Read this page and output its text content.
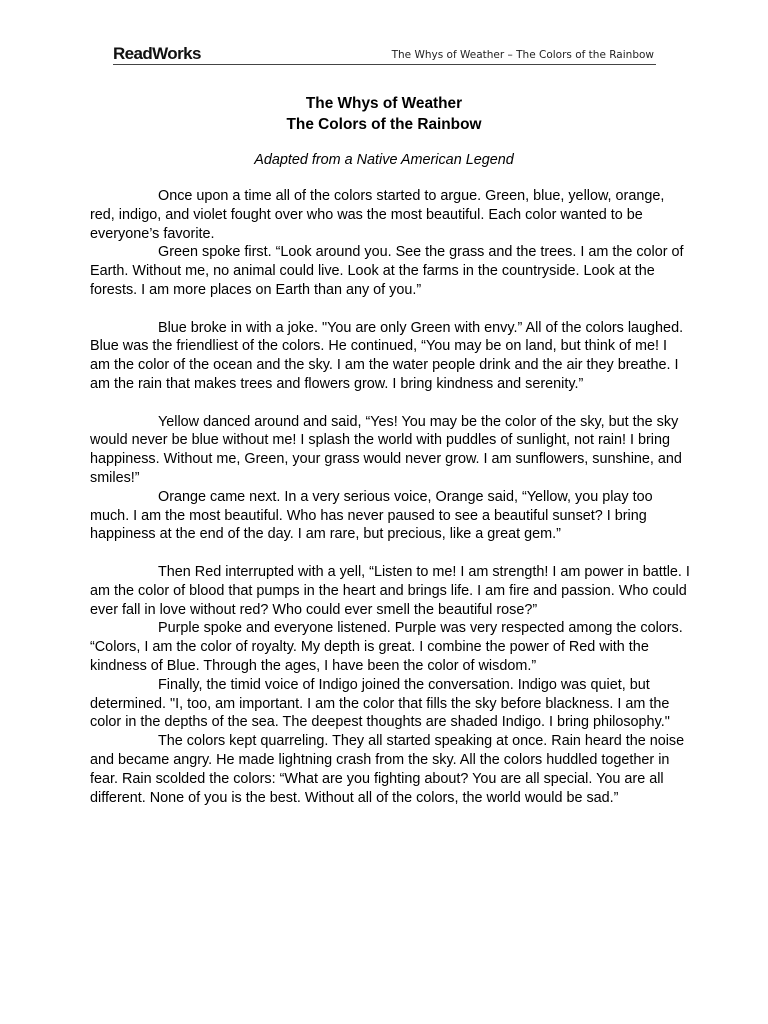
ReadWorks	The Whys of Weather – The Colors of the Rainbow
The Whys of Weather
The Colors of the Rainbow
Adapted from a Native American Legend

Once upon a time all of the colors started to argue. Green, blue, yellow, orange, red, indigo, and violet fought over who was the most beautiful. Each color wanted to be everyone’s favorite.

Green spoke first. “Look around you. See the grass and the trees. I am the color of Earth. Without me, no animal could live. Look at the farms in the countryside. Look at the forests. I am more places on Earth than any of you.”

Blue broke in with a joke. "You are only Green with envy.” All of the colors laughed. Blue was the friendliest of the colors. He continued, “You may be on land, but think of me! I am the color of the ocean and the sky. I am the water people drink and the air they breathe. I am the rain that makes trees and flowers grow. I bring kindness and serenity.”

Yellow danced around and said, “Yes! You may be the color of the sky, but the sky would never be blue without me! I splash the world with puddles of sunlight, not rain! I bring happiness. Without me, Green, your grass would never grow. I am sunflowers, sunshine, and smiles!”

Orange came next. In a very serious voice, Orange said, “Yellow, you play too much. I am the most beautiful. Who has never paused to see a beautiful sunset? I bring happiness at the end of the day. I am rare, but precious, like a great gem.”

Then Red interrupted with a yell, “Listen to me! I am strength! I am power in battle. I am the color of blood that pumps in the heart and brings life. I am fire and passion. Who could ever fall in love without red? Who could ever smell the beautiful rose?”

Purple spoke and everyone listened. Purple was very respected among the colors. “Colors, I am the color of royalty. My depth is great. I combine the power of Red with the kindness of Blue. Through the ages, I have been the color of wisdom.”

Finally, the timid voice of Indigo joined the conversation. Indigo was quiet, but determined. "I, too, am important. I am the color that fills the sky before blackness. I am the color in the depths of the sea. The deepest thoughts are shaded Indigo. I bring philosophy."

The colors kept quarreling. They all started speaking at once. Rain heard the noise and became angry. He made lightning crash from the sky. All the colors huddled together in fear. Rain scolded the colors: “What are you fighting about? You are all special. You are all different. None of you is the best. Without all of the colors, the world would be sad.”
